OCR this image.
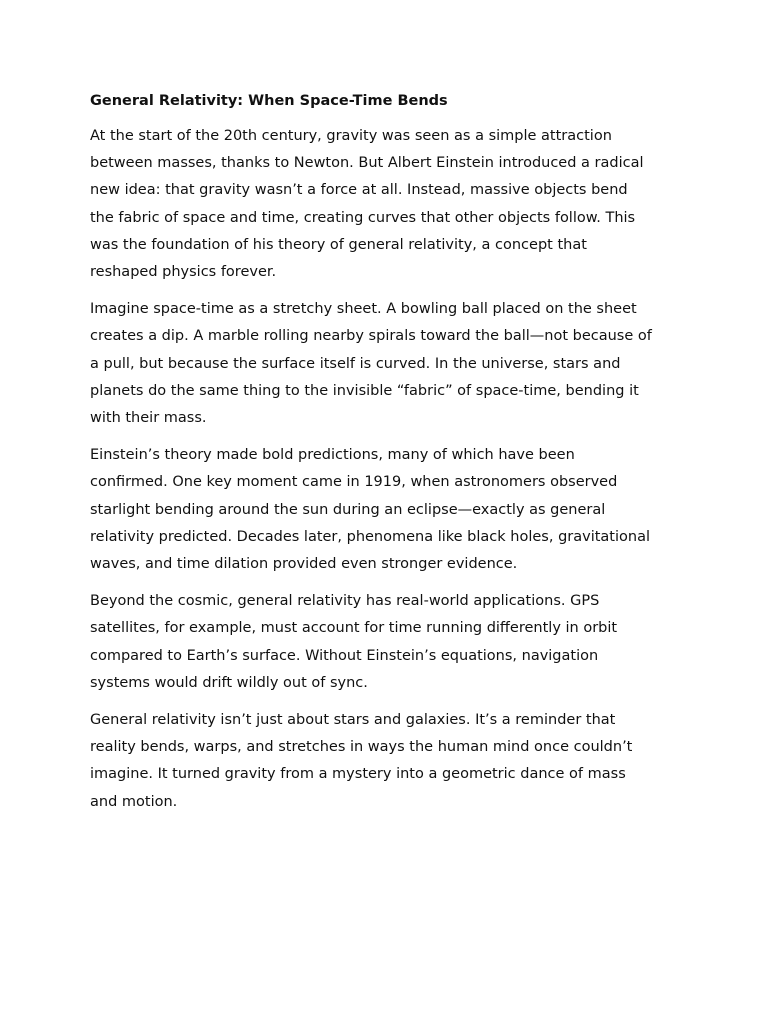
General Relativity: When Space-Time Bends
At the start of the 20th century, gravity was seen as a simple attraction
between masses, thanks to Newton. But Albert Einstein introduced a radical
new idea: that gravity wasn’t a force at all. Instead, massive objects bend
the fabric of space and time, creating curves that other objects follow. This
was the foundation of his theory of general relativity, a concept that
reshaped physics forever.
Imagine space-time as a stretchy sheet. A bowling ball placed on the sheet
creates a dip. A marble rolling nearby spirals toward the ball—not because of
a pull, but because the surface itself is curved. In the universe, stars and
planets do the same thing to the invisible “fabric” of space-time, bending it
with their mass.
Einstein’s theory made bold predictions, many of which have been
confirmed. One key moment came in 1919, when astronomers observed
starlight bending around the sun during an eclipse—exactly as general
relativity predicted. Decades later, phenomena like black holes, gravitational
waves, and time dilation provided even stronger evidence.
Beyond the cosmic, general relativity has real-world applications. GPS
satellites, for example, must account for time running differently in orbit
compared to Earth’s surface. Without Einstein’s equations, navigation
systems would drift wildly out of sync.
General relativity isn’t just about stars and galaxies. It’s a reminder that
reality bends, warps, and stretches in ways the human mind once couldn’t
imagine. It turned gravity from a mystery into a geometric dance of mass
and motion.
